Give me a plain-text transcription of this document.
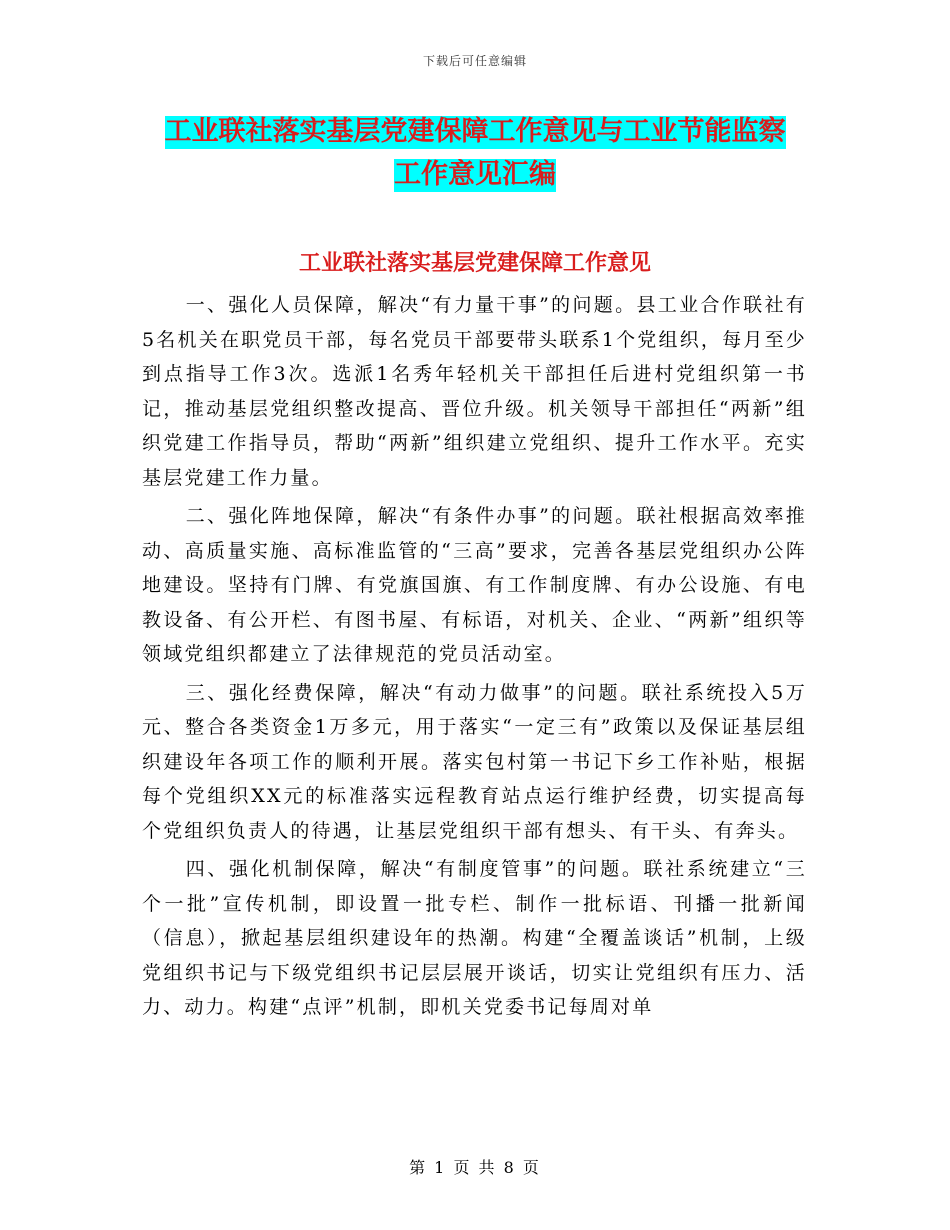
下载后可任意编辑
工业联社落实基层党建保障工作意见与工业节能监察
工作意见汇编
工业联社落实基层党建保障工作意见

一、强化人员保障，解决“有力量干事”的问题。县工业合作联社有5名机关在职党员干部，每名党员干部要带头联系1个党组织，每月至少到点指导工作3次。选派1名秀年轻机关干部担任后进村党组织第一书记，推动基层党组织整改提高、晋位升级。机关领导干部担任“两新”组织党建工作指导员，帮助“两新”组织建立党组织、提升工作水平。充实基层党建工作力量。

二、强化阵地保障，解决“有条件办事”的问题。联社根据高效率推动、高质量实施、高标准监管的“三高”要求，完善各基层党组织办公阵地建设。坚持有门牌、有党旗国旗、有工作制度牌、有办公设施、有电教设备、有公开栏、有图书屋、有标语，对机关、企业、“两新”组织等领域党组织都建立了法律规范的党员活动室。

三、强化经费保障，解决“有动力做事”的问题。联社系统投入5万元、整合各类资金1万多元，用于落实“一定三有”政策以及保证基层组织建设年各项工作的顺利开展。落实包村第一书记下乡工作补贴，根据每个党组织XX元的标准落实远程教育站点运行维护经费，切实提高每个党组织负责人的待遇，让基层党组织干部有想头、有干头、有奔头。

四、强化机制保障，解决“有制度管事”的问题。联社系统建立“三个一批”宣传机制，即设置一批专栏、制作一批标语、刊播一批新闻（信息），掀起基层组织建设年的热潮。构建“全覆盖谈话”机制，上级党组织书记与下级党组织书记层层展开谈话，切实让党组织有压力、活力、动力。构建“点评”机制，即机关党委书记每周对单

第 1 页 共 8 页
